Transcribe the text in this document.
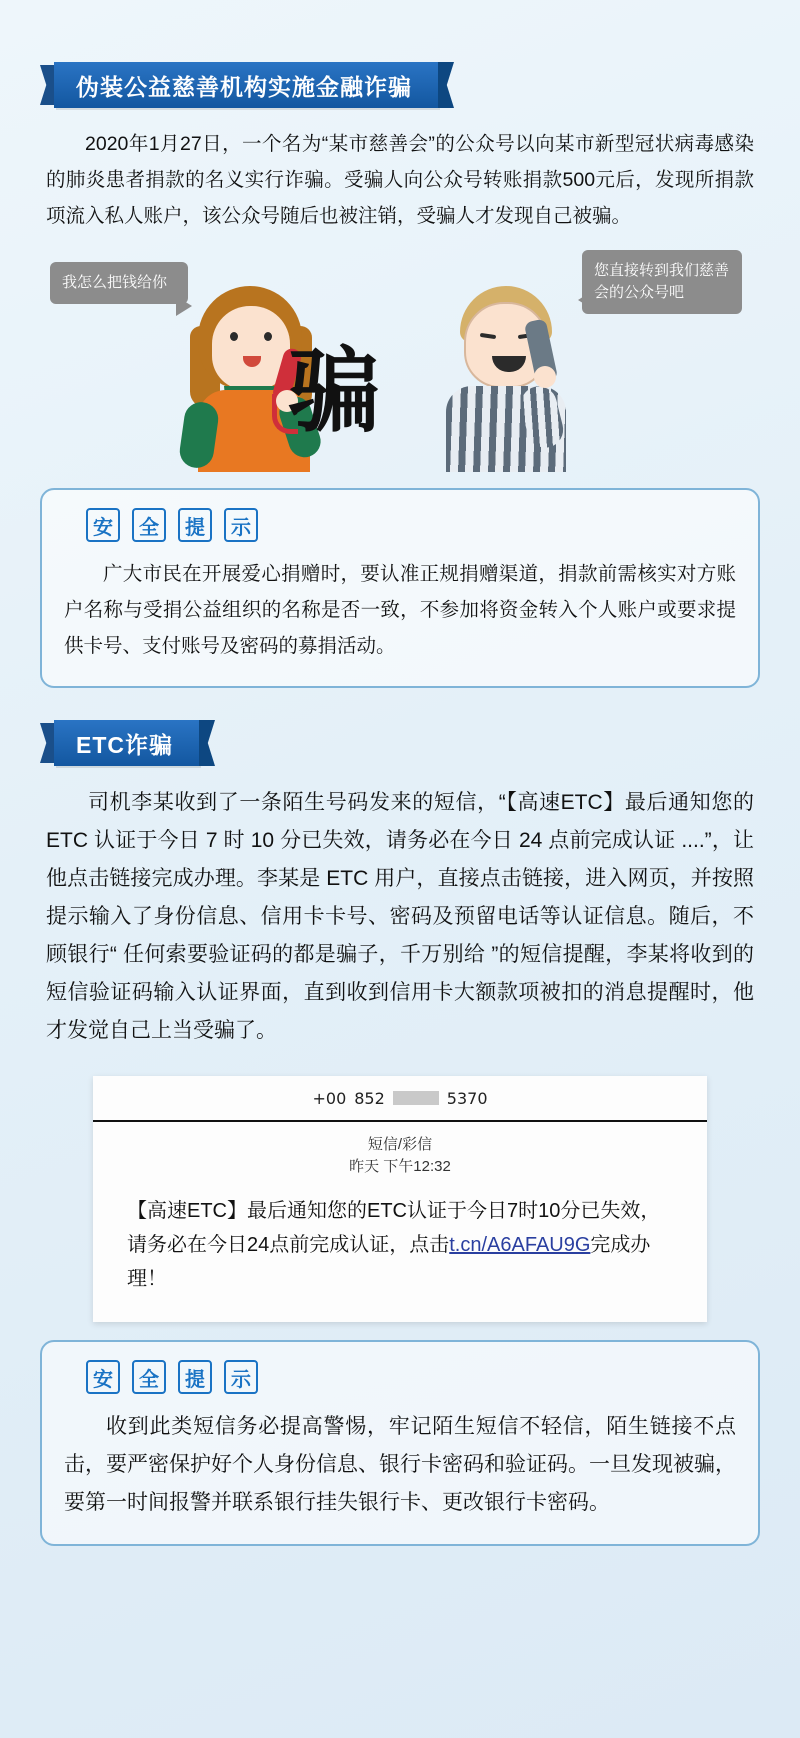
伪装公益慈善机构实施金融诈骗

2020年1月27日，一个名为“某市慈善会”的公众号以向某市新型冠状病毒感染的肺炎患者捐款的名义实行诈骗。受骗人向公众号转账捐款500元后，发现所捐款项流入私人账户，该公众号随后也被注销，受骗人才发现自己被骗。

我怎么把钱给你
您直接转到我们慈善会的公众号吧
骗
安	全	提	示

广大市民在开展爱心捐赠时，要认准正规捐赠渠道，捐款前需核实对方账户名称与受捐公益组织的名称是否一致，不参加将资金转入个人账户或要求提供卡号、支付账号及密码的募捐活动。

ETC诈骗

司机李某收到了一条陌生号码发来的短信，“【高速ETC】最后通知您的 ETC 认证于今日 7 时 10 分已失效，请务必在今日 24 点前完成认证 ....”，让他点击链接完成办理。李某是 ETC 用户，直接点击链接，进入网页，并按照提示输入了身份信息、信用卡卡号、密码及预留电话等认证信息。随后，不顾银行“ 任何索要验证码的都是骗子，千万别给 ”的短信提醒，李某将收到的短信验证码输入认证界面，直到收到信用卡大额款项被扣的消息提醒时，他才发觉自己上当受骗了。

+00 852	5370
短信/彩信
昨天 下午12:32
【高速ETC】最后通知您的ETC认证于今日7时10分已失效，请务必在今日24点前完成认证，点击t.cn/A6AFAU9G完成办理！
安	全	提	示

收到此类短信务必提高警惕，牢记陌生短信不轻信，陌生链接不点击，要严密保护好个人身份信息、银行卡密码和验证码。一旦发现被骗，要第一时间报警并联系银行挂失银行卡、更改银行卡密码。
